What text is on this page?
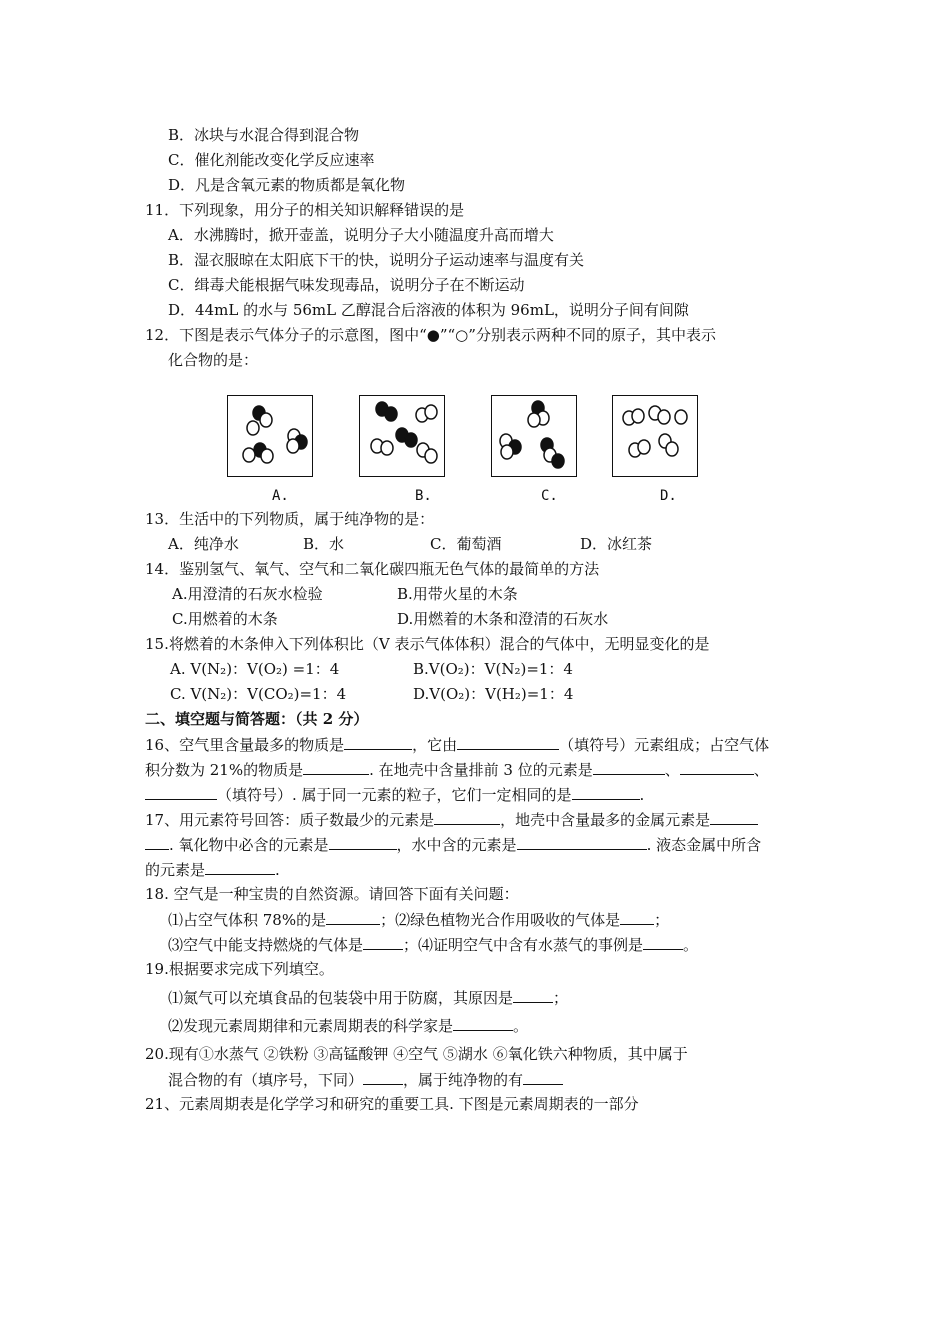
B．冰块与水混合得到混合物
C．催化剂能改变化学反应速率
D．凡是含氧元素的物质都是氧化物
11．下列现象，用分子的相关知识解释错误的是
A．水沸腾时，掀开壶盖，说明分子大小随温度升高而增大
B．湿衣服晾在太阳底下干的快，说明分子运动速率与温度有关
C．缉毒犬能根据气味发现毒品，说明分子在不断运动
D．44mL 的水与 56mL 乙醇混合后溶液的体积为 96mL，说明分子间有间隙
12．下图是表示气体分子的示意图，图中“●”“○”分别表示两种不同的原子，其中表示
化合物的是：
A.	B.	C.	D.
13．生活中的下列物质，属于纯净物的是：
A．纯净水	B．水	C．葡萄酒	D．冰红茶
14．鉴别氢气、氧气、空气和二氧化碳四瓶无色气体的最简单的方法
A.用澄清的石灰水检验	B.用带火星的木条
C.用燃着的木条	D.用燃着的木条和澄清的石灰水
15.将燃着的木条伸入下列体积比（V 表示气体体积）混合的气体中，无明显变化的是
A. V(N₂)：V(O₂) =1：4	B.V(O₂)：V(N₂)=1：4
C. V(N₂)：V(CO₂)=1：4	D.V(O₂)：V(H₂)=1：4
二、填空题与简答题：（共 2 分）
16、空气里含量最多的物质是	，它由	（填符号）元素组成；占空气体
积分数为 21%的物质是	. 在地壳中含量排前 3 位的元素是	、	、
（填符号）. 属于同一元素的粒子，它们一定相同的是	.
17、用元素符号回答：质子数最少的元素是	，地壳中含量最多的金属元素是
. 氧化物中必含的元素是	，水中含的元素是	. 液态金属中所含
的元素是	.
18. 空气是一种宝贵的自然资源。请回答下面有关问题：
⑴占空气体积 78%的是	；⑵绿色植物光合作用吸收的气体是 ；
⑶空气中能支持燃烧的气体是	；⑷证明空气中含有水蒸气的事例是	。
19.根据要求完成下列填空。
⑴氮气可以充填食品的包装袋中用于防腐，其原因是	；
⑵发现元素周期律和元素周期表的科学家是	。
20.现有①水蒸气 ②铁粉 ③高锰酸钾 ④空气 ⑤湖水 ⑥氧化铁六种物质，其中属于
混合物的有（填序号，下同）	，属于纯净物的有
21、元素周期表是化学学习和研究的重要工具. 下图是元素周期表的一部分
